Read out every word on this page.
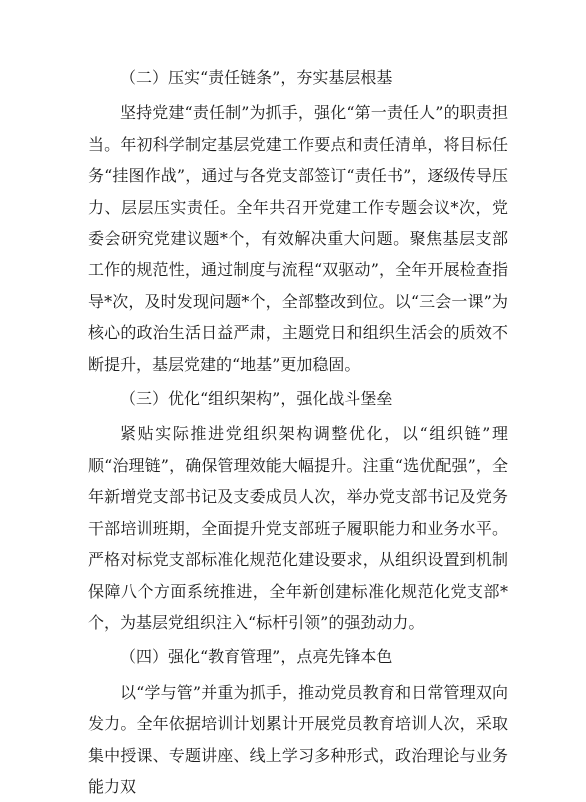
（二）压实“责任链条”，夯实基层根基

坚持党建“责任制”为抓手，强化“第一责任人”的职责担当。年初科学制定基层党建工作要点和责任清单，将目标任务“挂图作战”，通过与各党支部签订“责任书”，逐级传导压力、层层压实责任。全年共召开党建工作专题会议*次，党委会研究党建议题*个，有效解决重大问题。聚焦基层支部工作的规范性，通过制度与流程“双驱动”，全年开展检查指导*次，及时发现问题*个，全部整改到位。以“三会一课”为核心的政治生活日益严肃，主题党日和组织生活会的质效不断提升，基层党建的“地基”更加稳固。

（三）优化“组织架构”，强化战斗堡垒

紧贴实际推进党组织架构调整优化，以“组织链”理顺“治理链”，确保管理效能大幅提升。注重“选优配强”，全年新增党支部书记及支委成员人次，举办党支部书记及党务干部培训班期，全面提升党支部班子履职能力和业务水平。严格对标党支部标准化规范化建设要求，从组织设置到机制保障八个方面系统推进，全年新创建标准化规范化党支部*个，为基层党组织注入“标杆引领”的强劲动力。

（四）强化“教育管理”，点亮先锋本色

以“学与管”并重为抓手，推动党员教育和日常管理双向发力。全年依据培训计划累计开展党员教育培训人次，采取集中授课、专题讲座、线上学习多种形式，政治理论与业务能力双
